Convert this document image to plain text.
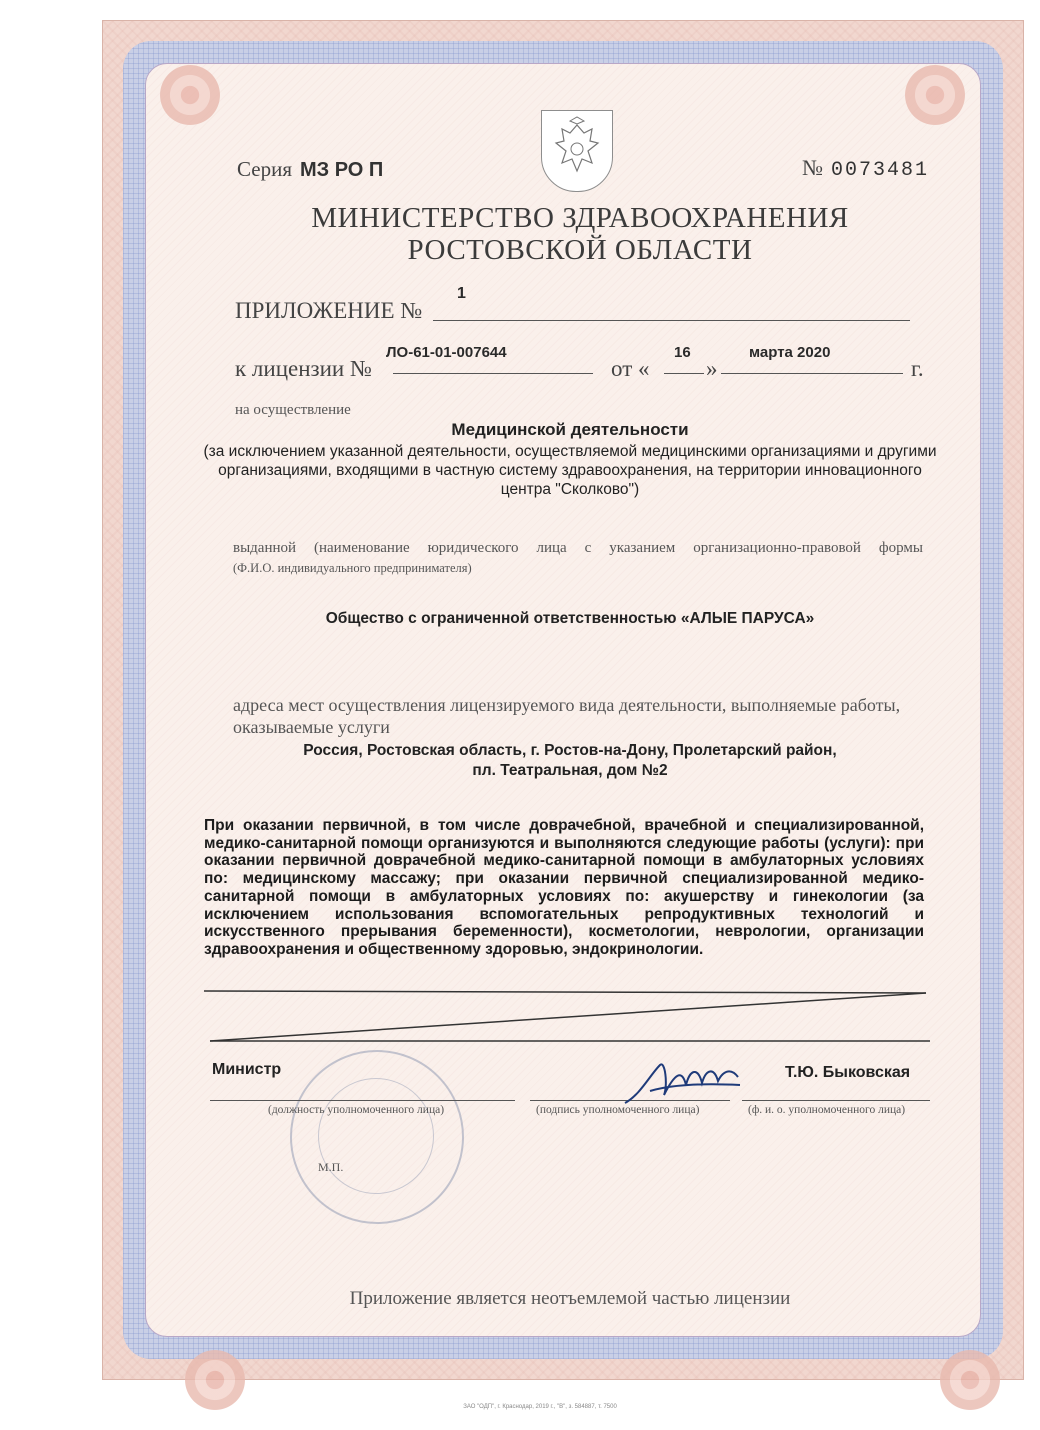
Серия МЗ РО П	№ 0073481
МИНИСТЕРСТВО ЗДРАВООХРАНЕНИЯ
РОСТОВСКОЙ ОБЛАСТИ
ПРИЛОЖЕНИЕ №
1
к лицензии №
ЛО-61-01-007644
от «
16
»
марта 2020
г.
на осуществление
Медицинской деятельности
(за исключением указанной деятельности, осуществляемой медицинскими организациями и другими организациями, входящими в частную систему здравоохранения, на территории инновационного центра "Сколково")
выданной (наименование юридического лица с указанием организационно-правовой формы
(Ф.И.О. индивидуального предпринимателя)
Общество с ограниченной ответственностью «АЛЫЕ ПАРУСА»
адреса мест осуществления лицензируемого вида деятельности, выполняемые работы, оказываемые услуги
Россия, Ростовская область, г. Ростов-на-Дону, Пролетарский район,
пл. Театральная, дом №2
При оказании первичной, в том числе доврачебной, врачебной и специализированной, медико-санитарной помощи организуются и выполняются следующие работы (услуги): при оказании первичной доврачебной медико-санитарной помощи в амбулаторных условиях по: медицинскому массажу; при оказании первичной специализированной медико-санитарной помощи в амбулаторных условиях по: акушерству и гинекологии (за исключением использования вспомогательных репродуктивных технологий и искусственного прерывания беременности), косметологии, неврологии, организации здравоохранения и общественному здоровью, эндокринологии.
Министр	Т.Ю. Быковская
(должность уполномоченного лица)	(подпись уполномоченного лица)	(ф. и. о. уполномоченного лица)
М.П.
Приложение является неотъемлемой частью лицензии
ЗАО "ОДП", г. Краснодар, 2019 г., "В", з. 584887, т. 7500
